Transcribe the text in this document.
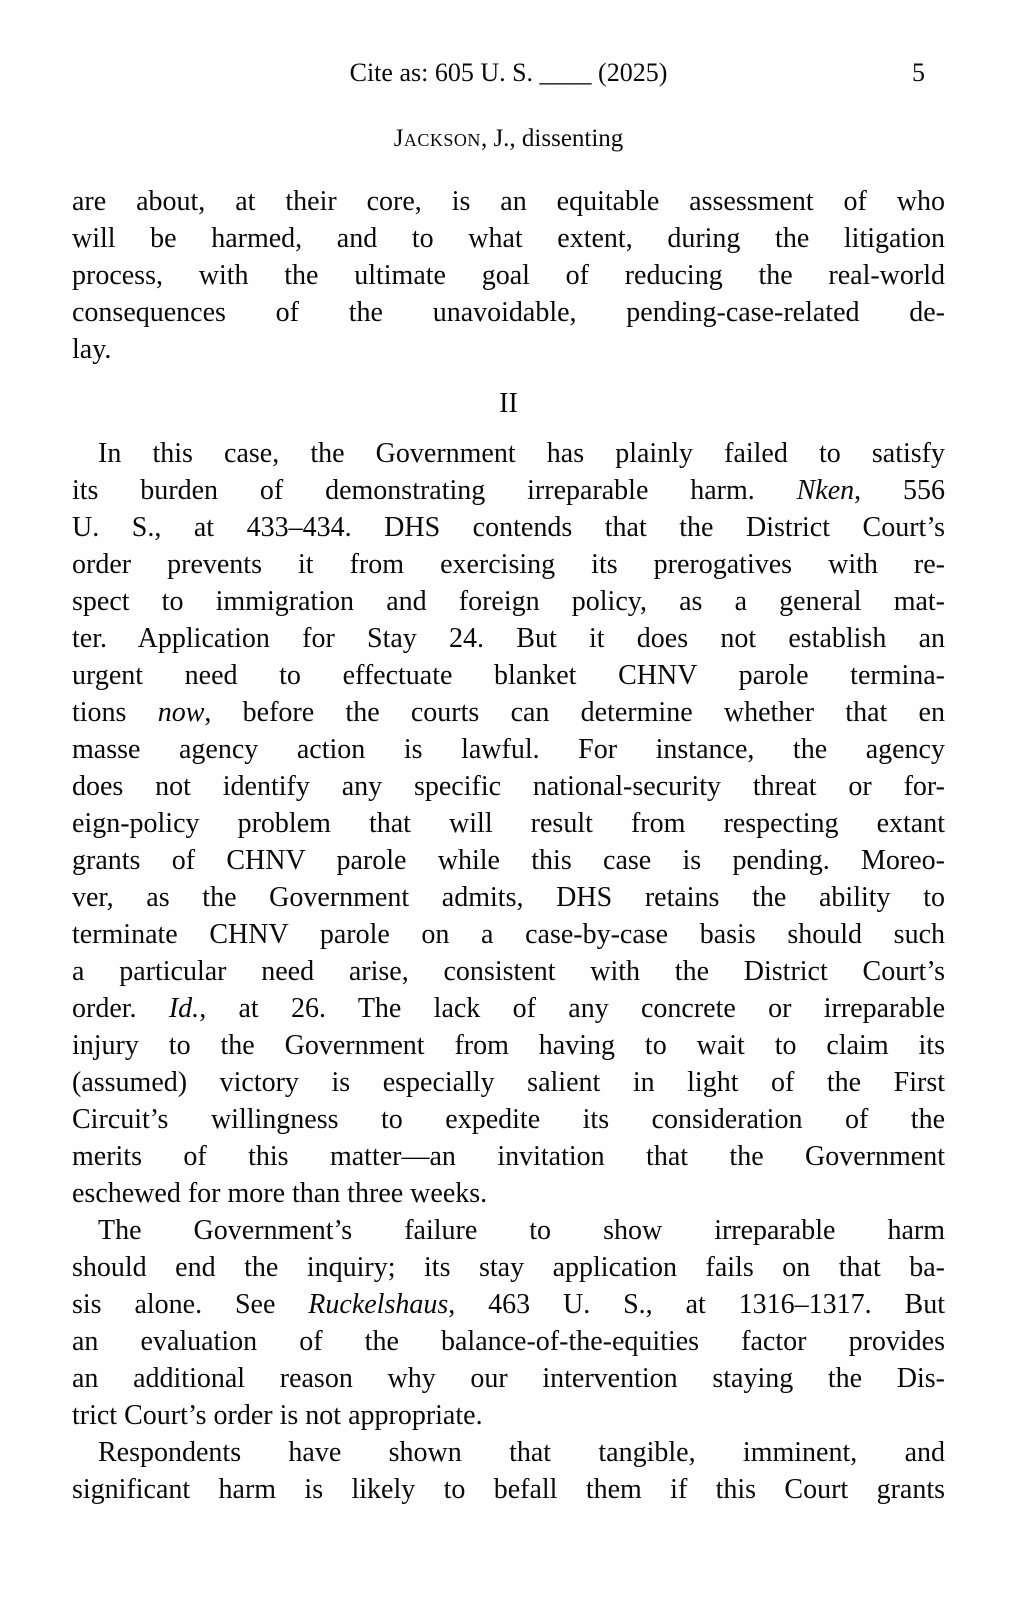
Cite as: 605 U. S. ____ (2025)	5
Jackson, J., dissenting
are about, at their core, is an equitable assessment of who
will be harmed, and to what extent, during the litigation
process, with the ultimate goal of reducing the real-world
consequences of the unavoidable, pending-case-related de-
lay.
II
In this case, the Government has plainly failed to satisfy
its burden of demonstrating irreparable harm. Nken, 556
U. S., at 433–434. DHS contends that the District Court’s
order prevents it from exercising its prerogatives with re-
spect to immigration and foreign policy, as a general mat-
ter. Application for Stay 24. But it does not establish an
urgent need to effectuate blanket CHNV parole termina-
tions now, before the courts can determine whether that en
masse agency action is lawful. For instance, the agency
does not identify any specific national-security threat or for-
eign-policy problem that will result from respecting extant
grants of CHNV parole while this case is pending. Moreo-
ver, as the Government admits, DHS retains the ability to
terminate CHNV parole on a case-by-case basis should such
a particular need arise, consistent with the District Court’s
order. Id., at 26. The lack of any concrete or irreparable
injury to the Government from having to wait to claim its
(assumed) victory is especially salient in light of the First
Circuit’s willingness to expedite its consideration of the
merits of this matter—an invitation that the Government
eschewed for more than three weeks.
The Government’s failure to show irreparable harm
should end the inquiry; its stay application fails on that ba-
sis alone. See Ruckelshaus, 463 U. S., at 1316–1317. But
an evaluation of the balance-of-the-equities factor provides
an additional reason why our intervention staying the Dis-
trict Court’s order is not appropriate.
Respondents have shown that tangible, imminent, and
significant harm is likely to befall them if this Court grants
